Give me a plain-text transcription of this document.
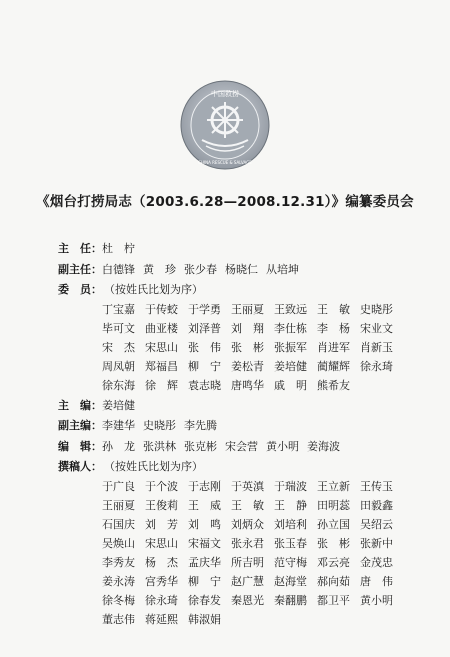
中国救捞
CHINA RESCUE & SALVAGE
《烟台打捞局志（2003.6.28—2008.12.31）》编纂委员会
主　任： 杜　柠
副主任： 白德锋 黄　珍 张少春 杨晓仁 从培坤
委　员： （按姓氏比划为序）
丁宝嘉 于传蛟 于学勇 王丽夏 王致远 王　敏 史晓彤
毕可文 曲亚楼 刘泽普 刘　翔 李仕栋 李　杨 宋业文
宋　杰 宋思山 张　伟 张　彬 张振军 肖进军 肖新玉
周凤朝 郑福昌 柳　宁 姜松青 姜培健 蔺耀辉 徐永琦
徐东海 徐　辉 袁志晓 唐鸣华 戚　明 熊希友
主　编： 姜培健
副主编： 李建华 史晓彤 李先腾
编　辑： 孙　龙 张洪林 张克彬 宋会营 黄小明 姜海波
撰稿人： （按姓氏比划为序）
于广良 于个波 于志刚 于英滇 于瑞波 王立新 王传玉
王丽夏 王俊莉 王　威 王　敏 王　静 田明蕊 田毅鑫
石国庆 刘　芳 刘　鸣 刘炳众 刘培利 孙立国 吴绍云
吴焕山 宋思山 宋福文 张永君 张玉春 张　彬 张新中
李秀友 杨　杰 孟庆华 所吉明 范守梅 邓云亮 金茂忠
姜永涛 宫秀华 柳　宁 赵广慧 赵海堂 郝向茹 唐　伟
徐冬梅 徐永琦 徐春发 秦恩光 秦翻鹏 都卫平 黄小明
董志伟 蒋延熙 韩淑娟
